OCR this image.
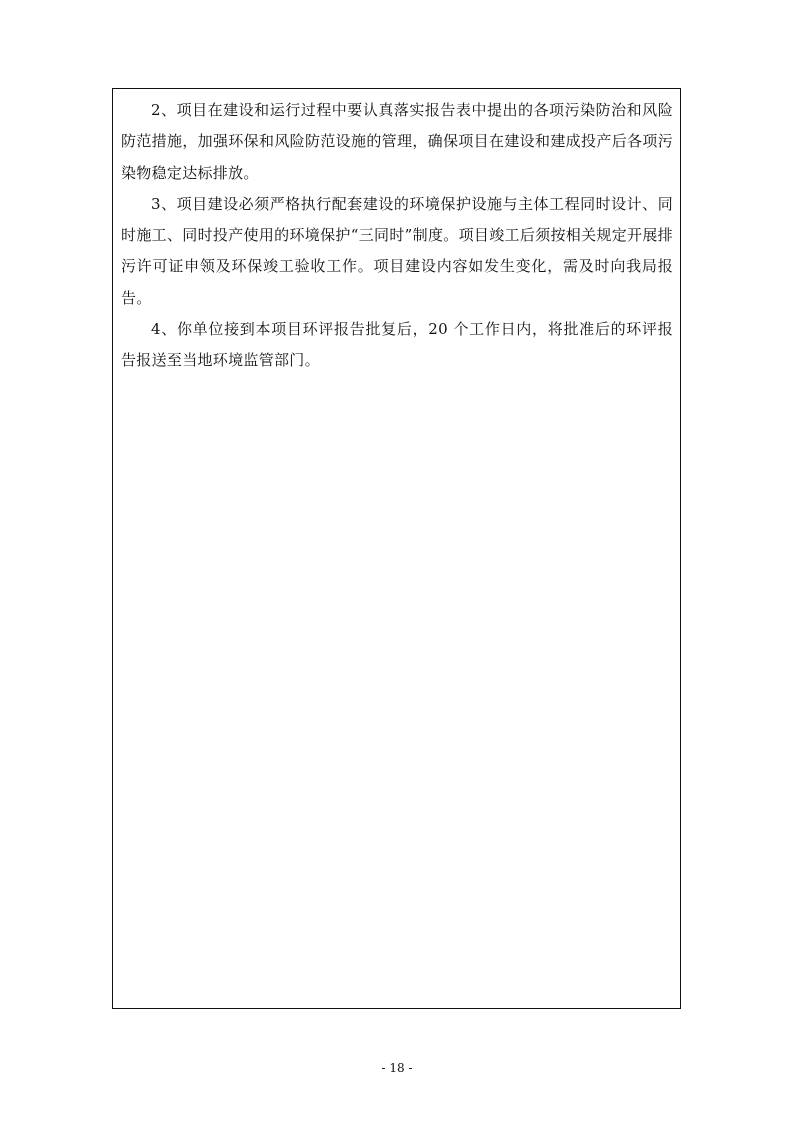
2、项目在建设和运行过程中要认真落实报告表中提出的各项污染防治和风险防范措施，加强环保和风险防范设施的管理，确保项目在建设和建成投产后各项污染物稳定达标排放。

3、项目建设必须严格执行配套建设的环境保护设施与主体工程同时设计、同时施工、同时投产使用的环境保护“三同时”制度。项目竣工后须按相关规定开展排污许可证申领及环保竣工验收工作。项目建设内容如发生变化，需及时向我局报告。

4、你单位接到本项目环评报告批复后，20 个工作日内，将批准后的环评报告报送至当地环境监管部门。

- 18 -
